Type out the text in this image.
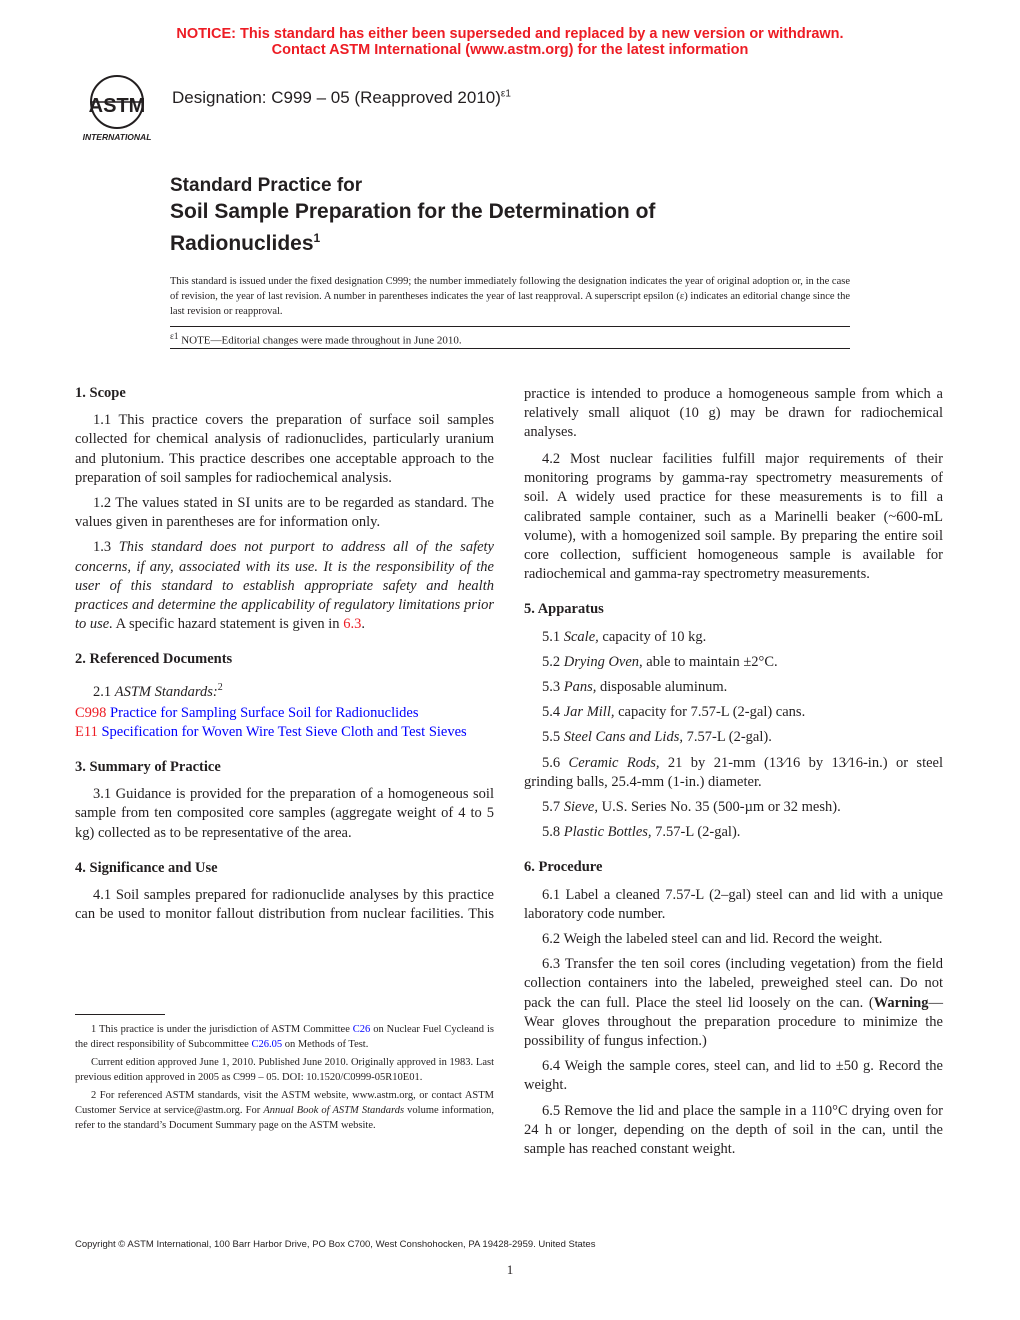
NOTICE: This standard has either been superseded and replaced by a new version or withdrawn.
Contact ASTM International (www.astm.org) for the latest information
ASTM
INTERNATIONAL
Designation: C999 – 05 (Reapproved 2010)$^{\varepsilon 1}$
Standard Practice for
Soil Sample Preparation for the Determination of
Radionuclides$^1$
This standard is issued under the fixed designation C999; the number immediately following the designation indicates the year of original adoption or, in the case of revision, the year of last revision. A number in parentheses indicates the year of last reapproval. A superscript epsilon (ε) indicates an editorial change since the last revision or reapproval.
$^{\varepsilon 1}$ NOTE—Editorial changes were made throughout in June 2010.
1. Scope

1.1 This practice covers the preparation of surface soil samples collected for chemical analysis of radionuclides, particularly uranium and plutonium. This practice describes one acceptable approach to the preparation of soil samples for radiochemical analysis.

1.2 The values stated in SI units are to be regarded as standard. The values given in parentheses are for information only.

1.3 This standard does not purport to address all of the safety concerns, if any, associated with its use. It is the responsibility of the user of this standard to establish appropriate safety and health practices and determine the applicability of regulatory limitations prior to use. A specific hazard statement is given in 6.3.

2. Referenced Documents

2.1 ASTM Standards:$^2$

C998 Practice for Sampling Surface Soil for Radionuclides

E11 Specification for Woven Wire Test Sieve Cloth and Test Sieves

3. Summary of Practice

3.1 Guidance is provided for the preparation of a homogeneous soil sample from ten composited core samples (aggregate weight of 4 to 5 kg) collected as to be representative of the area.

4. Significance and Use

4.1 Soil samples prepared for radionuclide analyses by this practice can be used to monitor fallout distribution from nuclear facilities. This

practice is intended to produce a homogeneous sample from which a relatively small aliquot (10 g) may be drawn for radiochemical analyses.

4.2 Most nuclear facilities fulfill major requirements of their monitoring programs by gamma-ray spectrometry measurements of soil. A widely used practice for these measurements is to fill a calibrated sample container, such as a Marinelli beaker (~600-mL volume), with a homogenized soil sample. By preparing the entire soil core collection, sufficient homogeneous sample is available for radiochemical and gamma-ray spectrometry measurements.

5. Apparatus

5.1 Scale, capacity of 10 kg.

5.2 Drying Oven, able to maintain ±2°C.

5.3 Pans, disposable aluminum.

5.4 Jar Mill, capacity for 7.57-L (2-gal) cans.

5.5 Steel Cans and Lids, 7.57-L (2-gal).

5.6 Ceramic Rods, 21 by 21-mm (13⁄16 by 13⁄16-in.) or steel grinding balls, 25.4-mm (1-in.) diameter.

5.7 Sieve, U.S. Series No. 35 (500-µm or 32 mesh).

5.8 Plastic Bottles, 7.57-L (2-gal).

6. Procedure

6.1 Label a cleaned 7.57-L (2–gal) steel can and lid with a unique laboratory code number.

6.2 Weigh the labeled steel can and lid. Record the weight.

6.3 Transfer the ten soil cores (including vegetation) from the field collection containers into the labeled, preweighed steel can. Do not pack the can full. Place the steel lid loosely on the can. (Warning—Wear gloves throughout the preparation procedure to minimize the possibility of fungus infection.)

6.4 Weigh the sample cores, steel can, and lid to ±50 g. Record the weight.

6.5 Remove the lid and place the sample in a 110°C drying oven for 24 h or longer, depending on the depth of soil in the can, until the sample has reached constant weight.

1 This practice is under the jurisdiction of ASTM Committee C26 on Nuclear Fuel Cycleand is the direct responsibility of Subcommittee C26.05 on Methods of Test.

Current edition approved June 1, 2010. Published June 2010. Originally approved in 1983. Last previous edition approved in 2005 as C999 – 05. DOI: 10.1520/C0999-05R10E01.

2 For referenced ASTM standards, visit the ASTM website, www.astm.org, or contact ASTM Customer Service at service@astm.org. For Annual Book of ASTM Standards volume information, refer to the standard’s Document Summary page on the ASTM website.

Copyright © ASTM International, 100 Barr Harbor Drive, PO Box C700, West Conshohocken, PA 19428-2959. United States
1
